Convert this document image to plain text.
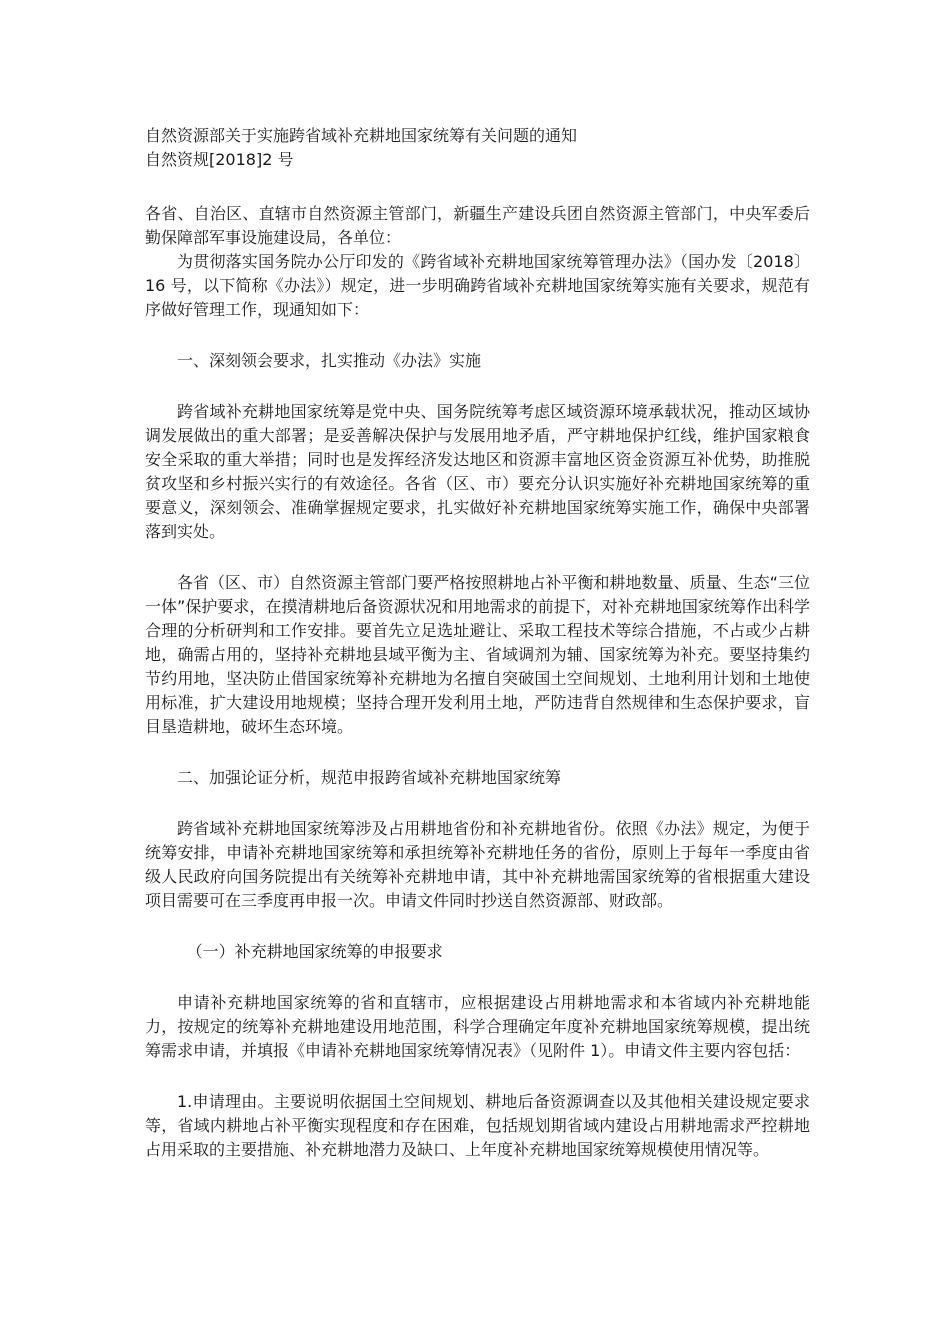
自然资源部关于实施跨省域补充耕地国家统筹有关问题的通知
自然资规[2018]2 号

各省、自治区、直辖市自然资源主管部门，新疆生产建设兵团自然资源主管部门，中央军委后勤保障部军事设施建设局，各单位：

为贯彻落实国务院办公厅印发的《跨省域补充耕地国家统筹管理办法》（国办发〔2018〕16 号，以下简称《办法》）规定，进一步明确跨省域补充耕地国家统筹实施有关要求，规范有序做好管理工作，现通知如下：

一、深刻领会要求，扎实推动《办法》实施

跨省域补充耕地国家统筹是党中央、国务院统筹考虑区域资源环境承载状况，推动区域协调发展做出的重大部署；是妥善解决保护与发展用地矛盾，严守耕地保护红线，维护国家粮食安全采取的重大举措；同时也是发挥经济发达地区和资源丰富地区资金资源互补优势，助推脱贫攻坚和乡村振兴实行的有效途径。各省（区、市）要充分认识实施好补充耕地国家统筹的重要意义，深刻领会、准确掌握规定要求，扎实做好补充耕地国家统筹实施工作，确保中央部署落到实处。

各省（区、市）自然资源主管部门要严格按照耕地占补平衡和耕地数量、质量、生态“三位一体”保护要求，在摸清耕地后备资源状况和用地需求的前提下，对补充耕地国家统筹作出科学合理的分析研判和工作安排。要首先立足选址避让、采取工程技术等综合措施，不占或少占耕地，确需占用的，坚持补充耕地县域平衡为主、省域调剂为辅、国家统筹为补充。要坚持集约节约用地，坚决防止借国家统筹补充耕地为名擅自突破国土空间规划、土地利用计划和土地使用标准，扩大建设用地规模；坚持合理开发利用土地，严防违背自然规律和生态保护要求，盲目垦造耕地，破坏生态环境。

二、加强论证分析，规范申报跨省域补充耕地国家统筹

跨省域补充耕地国家统筹涉及占用耕地省份和补充耕地省份。依照《办法》规定，为便于统筹安排，申请补充耕地国家统筹和承担统筹补充耕地任务的省份，原则上于每年一季度由省级人民政府向国务院提出有关统筹补充耕地申请，其中补充耕地需国家统筹的省根据重大建设项目需要可在三季度再申报一次。申请文件同时抄送自然资源部、财政部。

（一）补充耕地国家统筹的申报要求

申请补充耕地国家统筹的省和直辖市，应根据建设占用耕地需求和本省域内补充耕地能力，按规定的统筹补充耕地建设用地范围，科学合理确定年度补充耕地国家统筹规模，提出统筹需求申请，并填报《申请补充耕地国家统筹情况表》（见附件 1）。申请文件主要内容包括：

1.申请理由。主要说明依据国土空间规划、耕地后备资源调查以及其他相关建设规定要求等，省域内耕地占补平衡实现程度和存在困难，包括规划期省域内建设占用耕地需求严控耕地占用采取的主要措施、补充耕地潜力及缺口、上年度补充耕地国家统筹规模使用情况等。
